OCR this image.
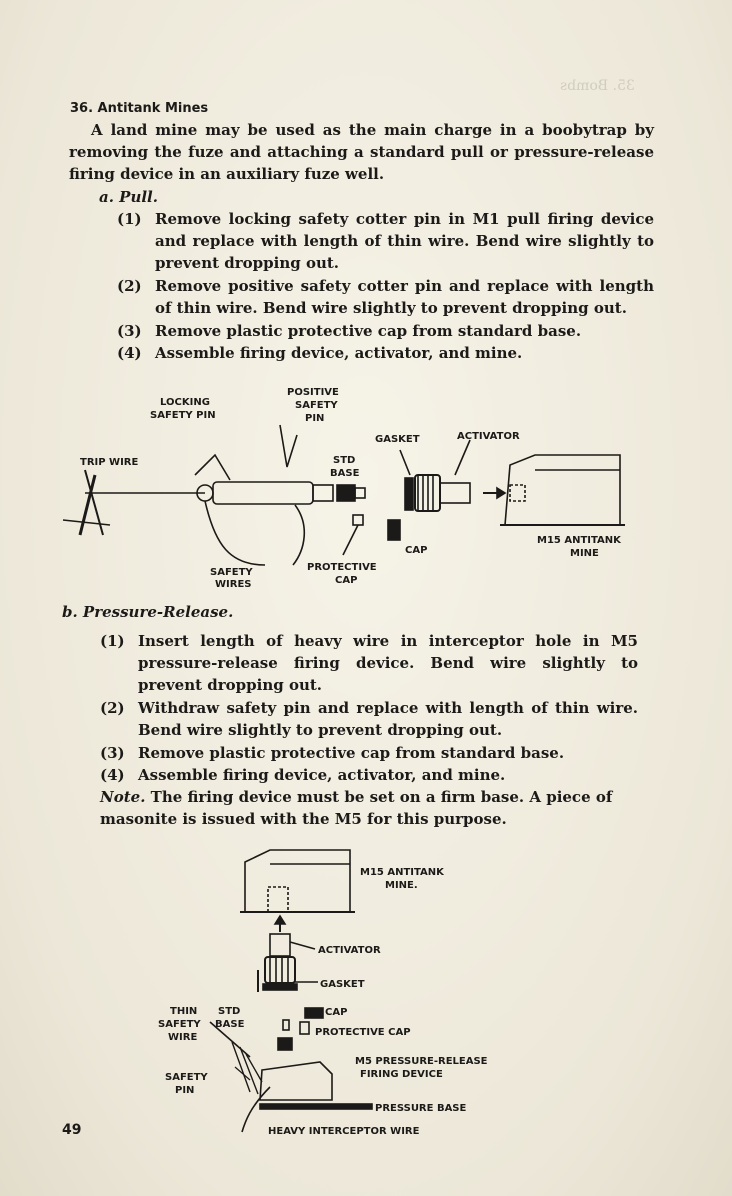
35. Bombs
36. Antitank Mines
A land mine may be used as the main charge in a boobytrap by removing the fuze and attaching a standard pull or pressure-release firing device in an auxiliary fuze well.
a. Pull.
(1) Remove locking safety cotter pin in M1 pull firing device and replace with length of thin wire. Bend wire slightly to prevent dropping out.
(2) Remove positive safety cotter pin and replace with length of thin wire. Bend wire slightly to prevent dropping out.
(3) Remove plastic protective cap from standard base.
(4) Assemble firing device, activator, and mine.
LOCKING
SAFETY PIN
POSITIVE
SAFETY
PIN
GASKET	ACTIVATOR
TRIP WIRE	STD
BASE
CAP
M15 ANTITANK
MINE
SAFETY
WIRES
PROTECTIVE
CAP
b. Pressure-Release.
(1) Insert length of heavy wire in interceptor hole in M5 pressure-release firing device. Bend wire slightly to prevent dropping out.
(2) Withdraw safety pin and replace with length of thin wire. Bend wire slightly to prevent dropping out.
(3) Remove plastic protective cap from standard base.
(4) Assemble firing device, activator, and mine.
Note. The firing device must be set on a firm base. A piece of masonite is issued with the M5 for this purpose.
M15 ANTITANK
MINE.
ACTIVATOR
GASKET
THIN
SAFETY
WIRE
STD
BASE
CAP
PROTECTIVE CAP
M5 PRESSURE-RELEASE
FIRING DEVICE
SAFETY
PIN
PRESSURE BASE
HEAVY INTERCEPTOR WIRE
49
